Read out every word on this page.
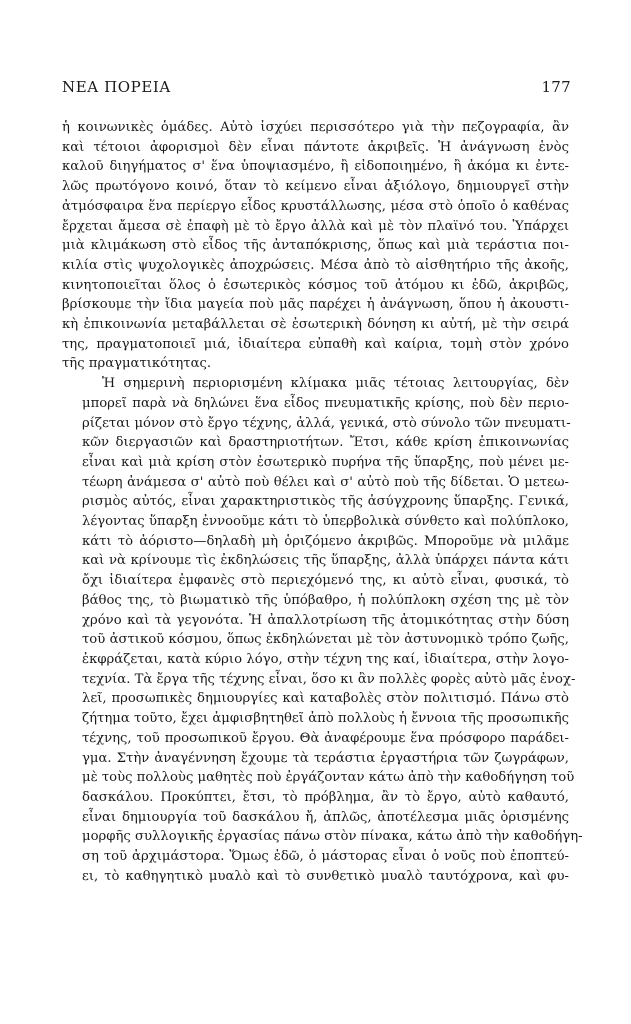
ΝΕΑ ΠΟΡΕΙΑ	177

ἡ κοινωνικὲς ὁμάδες. Αὐτὸ ἰσχύει περισσότερο γιὰ τὴν πεζογραφία, ἂν
καὶ τέτοιοι ἀφορισμοὶ δὲν εἶναι πάντοτε ἀκριβεῖς. Ἡ ἀνάγνωση ἑνὸς
καλοῦ διηγήματος σ' ἕνα ὑποψιασμένο, ἢ εἰδοποιημένο, ἢ ἀκόμα κι ἐντε-
λῶς πρωτόγονο κοινό, ὅταν τὸ κείμενο εἶναι ἀξιόλογο, δημιουργεῖ στὴν
ἀτμόσφαιρα ἕνα περίεργο εἶδος κρυστάλλωσης, μέσα στὸ ὁποῖο ὁ καθένας
ἔρχεται ἄμεσα σὲ ἐπαφὴ μὲ τὸ ἔργο ἀλλὰ καὶ μὲ τὸν πλαϊνό του. Ὑπάρχει
μιὰ κλιμάκωση στὸ εἶδος τῆς ἀνταπόκρισης, ὅπως καὶ μιὰ τεράστια ποι-
κιλία στὶς ψυχολογικὲς ἀποχρώσεις. Μέσα ἀπὸ τὸ αἰσθητήριο τῆς ἀκοῆς,
κινητοποιεῖται ὅλος ὁ ἐσωτερικὸς κόσμος τοῦ ἀτόμου κι ἐδῶ, ἀκριβῶς,
βρίσκουμε τὴν ἴδια μαγεία ποὺ μᾶς παρέχει ἡ ἀνάγνωση, ὅπου ἡ ἀκουστι-
κὴ ἐπικοινωνία μεταβάλλεται σὲ ἐσωτερικὴ δόνηση κι αὐτή, μὲ τὴν σειρά
της, πραγματοποιεῖ μιά, ἰδιαίτερα εὐπαθὴ καὶ καίρια, τομὴ στὸν χρόνο
τῆς πραγματικότητας.

Ἡ σημερινὴ περιορισμένη κλίμακα μιᾶς τέτοιας λειτουργίας, δὲν
μπορεῖ παρὰ νὰ δηλώνει ἕνα εἶδος πνευματικῆς κρίσης, ποὺ δὲν περιο-
ρίζεται μόνον στὸ ἔργο τέχνης, ἀλλά, γενικά, στὸ σύνολο τῶν πνευματι-
κῶν διεργασιῶν καὶ δραστηριοτήτων. Ἔτσι, κάθε κρίση ἐπικοινωνίας
εἶναι καὶ μιὰ κρίση στὸν ἐσωτερικὸ πυρήνα τῆς ὕπαρξης, ποὺ μένει με-
τέωρη ἀνάμεσα σ' αὐτὸ ποὺ θέλει καὶ σ' αὐτὸ ποὺ τῆς δίδεται. Ὁ μετεω-
ρισμὸς αὐτός, εἶναι χαρακτηριστικὸς τῆς ἀσύγχρονης ὕπαρξης. Γενικά,
λέγοντας ὕπαρξη ἐννοοῦμε κάτι τὸ ὑπερβολικὰ σύνθετο καὶ πολύπλοκο,
κάτι τὸ ἀόριστο—δηλαδὴ μὴ ὁριζόμενο ἀκριβῶς. Μποροῦμε νὰ μιλᾶμε
καὶ νὰ κρίνουμε τὶς ἐκδηλώσεις τῆς ὕπαρξης, ἀλλὰ ὑπάρχει πάντα κάτι
ὄχι ἰδιαίτερα ἐμφανὲς στὸ περιεχόμενό της, κι αὐτὸ εἶναι, φυσικά, τὸ
βάθος της, τὸ βιωματικὸ τῆς ὑπόβαθρο, ἡ πολύπλοκη σχέση της μὲ τὸν
χρόνο καὶ τὰ γεγονότα. Ἡ ἀπαλλοτρίωση τῆς ἀτομικότητας στὴν δύση
τοῦ ἀστικοῦ κόσμου, ὅπως ἐκδηλώνεται μὲ τὸν ἀστυνομικὸ τρόπο ζωῆς,
ἐκφράζεται, κατὰ κύριο λόγο, στὴν τέχνη της καί, ἰδιαίτερα, στὴν λογο-
τεχνία. Τὰ ἔργα τῆς τέχνης εἶναι, ὅσο κι ἂν πολλὲς φορὲς αὐτὸ μᾶς ἐνοχ-
λεῖ, προσωπικὲς δημιουργίες καὶ καταβολὲς στὸν πολιτισμό. Πάνω στὸ
ζήτημα τοῦτο, ἔχει ἀμφισβητηθεῖ ἀπὸ πολλοὺς ἡ ἔννοια τῆς προσωπικῆς
τέχνης, τοῦ προσωπικοῦ ἔργου. Θὰ ἀναφέρουμε ἕνα πρόσφορο παράδει-
γμα. Στὴν ἀναγέννηση ἔχουμε τὰ τεράστια ἐργαστήρια τῶν ζωγράφων,
μὲ τοὺς πολλοὺς μαθητὲς ποὺ ἐργάζονταν κάτω ἀπὸ τὴν καθοδήγηση τοῦ
δασκάλου. Προκύπτει, ἔτσι, τὸ πρόβλημα, ἂν τὸ ἔργο, αὐτὸ καθαυτό,
εἶναι δημιουργία τοῦ δασκάλου ἤ, ἁπλῶς, ἀποτέλεσμα μιᾶς ὁρισμένης
μορφῆς συλλογικῆς ἐργασίας πάνω στὸν πίνακα, κάτω ἀπὸ τὴν καθοδήγη-
ση τοῦ ἀρχιμάστορα. Ὅμως ἐδῶ, ὁ μάστορας εἶναι ὁ νοῦς ποὺ ἐποπτεύ-
ει, τὸ καθηγητικὸ μυαλὸ καὶ τὸ συνθετικὸ μυαλὸ ταυτόχρονα, καὶ φυ-
